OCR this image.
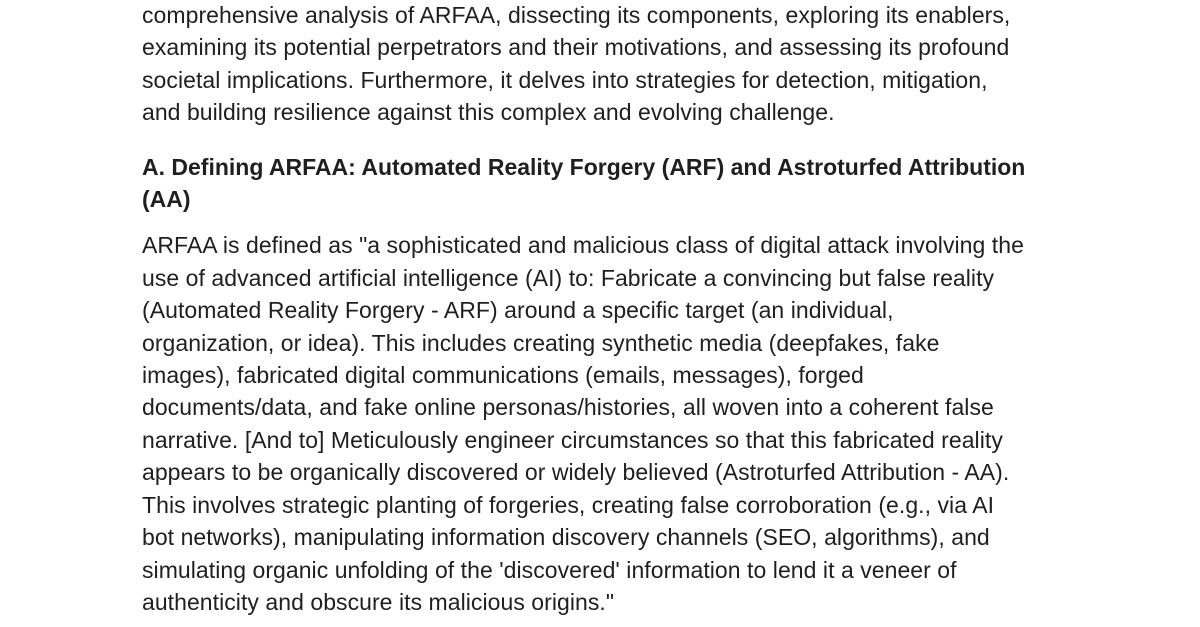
comprehensive analysis of ARFAA, dissecting its components, exploring its enablers,
examining its potential perpetrators and their motivations, and assessing its profound
societal implications. Furthermore, it delves into strategies for detection, mitigation,
and building resilience against this complex and evolving challenge.

A. Defining ARFAA: Automated Reality Forgery (ARF) and Astroturfed Attribution
(AA)

ARFAA is defined as "a sophisticated and malicious class of digital attack involving the
use of advanced artificial intelligence (AI) to: Fabricate a convincing but false reality
(Automated Reality Forgery - ARF) around a specific target (an individual,
organization, or idea). This includes creating synthetic media (deepfakes, fake
images), fabricated digital communications (emails, messages), forged
documents/data, and fake online personas/histories, all woven into a coherent false
narrative. [And to] Meticulously engineer circumstances so that this fabricated reality
appears to be organically discovered or widely believed (Astroturfed Attribution - AA).
This involves strategic planting of forgeries, creating false corroboration (e.g., via AI
bot networks), manipulating information discovery channels (SEO, algorithms), and
simulating organic unfolding of the 'discovered' information to lend it a veneer of
authenticity and obscure its malicious origins."
